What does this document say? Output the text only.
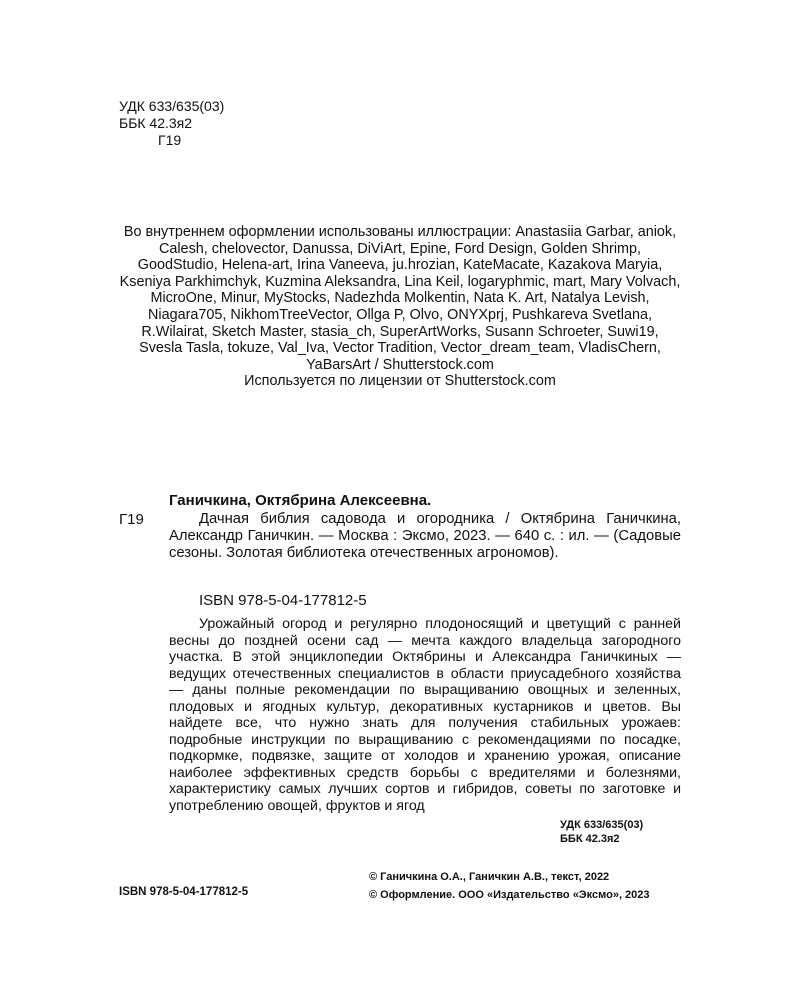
УДК 633/635(03)
ББК 42.3я2
Г19
Во внутреннем оформлении использованы иллюстрации: Anastasiia Garbar, aniok, Calesh, chelovector, Danussa, DiViArt, Epine, Ford Design, Golden Shrimp, GoodStudio, Helena-art, Irina Vaneeva, ju.hrozian, KateMacate, Kazakova Maryia, Kseniya Parkhimchyk, Kuzmina Aleksandra, Lina Keil, logaryphmic, mart, Mary Volvach, MicroOne, Minur, MyStocks, Nadezhda Molkentin, Nata K. Art, Natalya Levish, Niagara705, NikhomTreeVector, Ollga P, Olvo, ONYXprj, Pushkareva Svetlana, R.Wilairat, Sketch Master, stasia_ch, SuperArtWorks, Susann Schroeter, Suwi19, Svesla Tasla, tokuze, Val_Iva, Vector Tradition, Vector_dream_team, VladisChern, YaBarsArt / Shutterstock.com
Используется по лицензии от Shutterstock.com
Ганичкина, Октябрина Алексеевна.
Г19	Дачная библия садовода и огородника / Октябрина Ганичкина, Александр Ганичкин. — Москва : Эксмо, 2023. — 640 с. : ил. — (Садовые сезоны. Золотая библиотека отечественных агрономов).
ISBN 978-5-04-177812-5
Урожайный огород и регулярно плодоносящий и цветущий с ранней весны до поздней осени сад — мечта каждого владельца загородного участка. В этой энциклопедии Октябрины и Александра Ганичкиных — ведущих отечественных специалистов в области приусадебного хозяйства — даны полные рекомендации по выращиванию овощных и зеленных, плодовых и ягодных культур, декоративных кустарников и цветов. Вы найдете все, что нужно знать для получения стабильных урожаев: подробные инструкции по выращиванию с рекомендациями по посадке, подкормке, подвязке, защите от холодов и хранению урожая, описание наиболее эффективных средств борьбы с вредителями и болезнями, характеристику самых лучших сортов и гибридов, советы по заготовке и употреблению овощей, фруктов и ягод
УДК 633/635(03)
ББК 42.3я2
ISBN 978-5-04-177812-5
© Ганичкина О.А., Ганичкин А.В., текст, 2022
© Оформление. ООО «Издательство «Эксмо», 2023
